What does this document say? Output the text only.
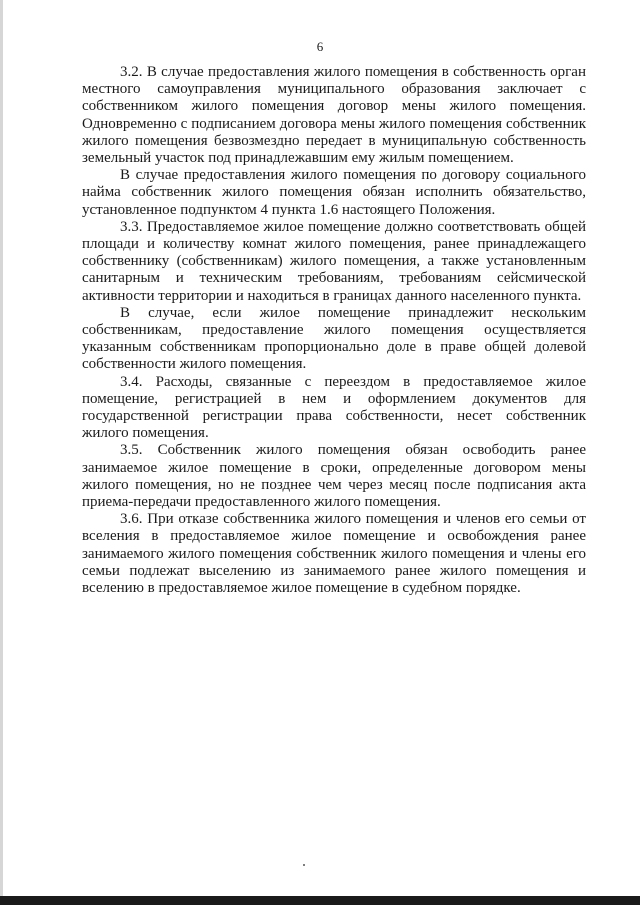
6

3.2. В случае предоставления жилого помещения в собственность орган местного самоуправления муниципального образования заключает с собственником жилого помещения договор мены жилого помещения. Одновременно с подписанием договора мены жилого помещения собственник жилого помещения безвозмездно передает в муниципальную собственность земельный участок под принадлежавшим ему жилым помещением.

В случае предоставления жилого помещения по договору социального найма собственник жилого помещения обязан исполнить обязательство, установленное подпунктом 4 пункта 1.6 настоящего Положения.

3.3. Предоставляемое жилое помещение должно соответствовать общей площади и количеству комнат жилого помещения, ранее принадлежащего собственнику (собственникам) жилого помещения, а также установленным санитарным и техническим требованиям, требованиям сейсмической активности территории и находиться в границах данного населенного пункта.

В случае, если жилое помещение принадлежит нескольким собственникам, предоставление жилого помещения осуществляется указанным собственникам пропорционально доле в праве общей долевой собственности жилого помещения.

3.4. Расходы, связанные с переездом в предоставляемое жилое помещение, регистрацией в нем и оформлением документов для государственной регистрации права собственности, несет собственник жилого помещения.

3.5. Собственник жилого помещения обязан освободить ранее занимаемое жилое помещение в сроки, определенные договором мены жилого помещения, но не позднее чем через месяц после подписания акта приема-передачи предоставленного жилого помещения.

3.6. При отказе собственника жилого помещения и членов его семьи от вселения в предоставляемое жилое помещение и освобождения ранее занимаемого жилого помещения собственник жилого помещения и члены его семьи подлежат выселению из занимаемого ранее жилого помещения и вселению в предоставляемое жилое помещение в судебном порядке.
